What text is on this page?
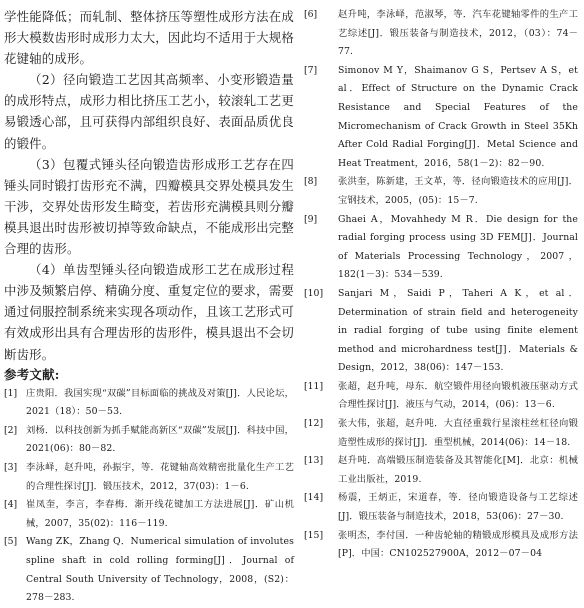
学性能降低；而轧制、整体挤压等塑性成形方法在成形大模数齿形时成形力太大，因此均不适用于大规格花键轴的成形。

（2）径向锻造工艺因其高频率、小变形锻造量的成形特点，成形力相比挤压工艺小，较滚轧工艺更易锻透心部，且可获得内部组织良好、表面品质优良的锻件。

（3）包覆式锤头径向锻造齿形成形工艺存在四锤头同时锻打齿形充不满，四瓣模具交界处模具发生干涉，交界处齿形发生畸变，若齿形充满模具则分瓣模具退出时齿形被切掉等致命缺点，不能成形出完整合理的齿形。

（4）单齿型锤头径向锻造成形工艺在成形过程中涉及频繁启停、精确分度、重复定位的要求，需要通过伺服控制系统来实现各项动作，且该工艺形式可有效成形出具有合理齿形的齿形件，模具退出不会切断齿形。

参考文献:

[1] 庄贵阳．我国实现“双碳”目标面临的挑战及对策[J]．人民论坛，2021（18）：50－53.
[2] 刘杨．以科技创新为抓手赋能高新区“双碳”发展[J]．科技中国，2021(06)：80－82.
[3] 李泳峄，赵升吨，孙振宇，等．花键轴高效精密批量化生产工艺的合理性探讨[J]．锻压技术，2012，37(03)：1－6.
[4] 崔凤奎，李言，李春梅．渐开线花键加工方法进展[J]．矿山机械，2007，35(02)：116－119.
[5] Wang ZK，Zhang Q．Numerical simulation of involutes spline shaft in cold rolling forming[J]．Journal of Central South University of Technology，2008，(S2)：278－283.
[6]	赵升吨，李泳峄，范淑琴，等．汽车花键轴零件的生产工艺综述[J]．锻压装备与制造技术，2012，（03）：74－77.
[7]	Simonov M Y，Shaimanov G S，Pertsev A S，et al．Effect of Structure on the Dynamic Crack Resistance and Special Features of the Micromechanism of Crack Growth in Steel 35Kh After Cold Radial Forging[J]．Metal Science and Heat Treatment，2016，58(1－2)：82－90.
[8]	张洪奎，陈新建，王文革，等．径向锻造技术的应用[J]．宝钢技术，2005，(05)：15－7.
[9]	Ghaei A，Movahhedy M R．Die design for the radial forging process using 3D FEM[J]．Journal of Materials Processing Technology，2007，182(1－3)：534－539.
[10]	Sanjari M，Saidi P，Taheri A K，et al．Determination of strain field and heterogeneity in radial forging of tube using finite element method and microhardness test[J]．Materials & Design，2012，38(06)：147－153.
[11]	张超，赵升吨，母东．航空锻件用径向锻机液压驱动方式合理性探讨[J]．液压与气动，2014，(06)：13－6.
[12]	张大伟，张超，赵升吨．大直径重载行星滚柱丝杠径向锻造塑性成形的探讨[J]．重型机械，2014(06)：14－18.
[13]	赵升吨．高端锻压制造装备及其智能化[M]．北京：机械工业出版社，2019.
[14]	杨震，王炳正，宋道春，等．径向锻造设备与工艺综述[J]．锻压装备与制造技术，2018，53(06)：27－30.
[15]	张明杰，李付国．一种齿轮轴的精锻成形模具及成形方法[P]．中国：CN102527900A，2012－07－04
